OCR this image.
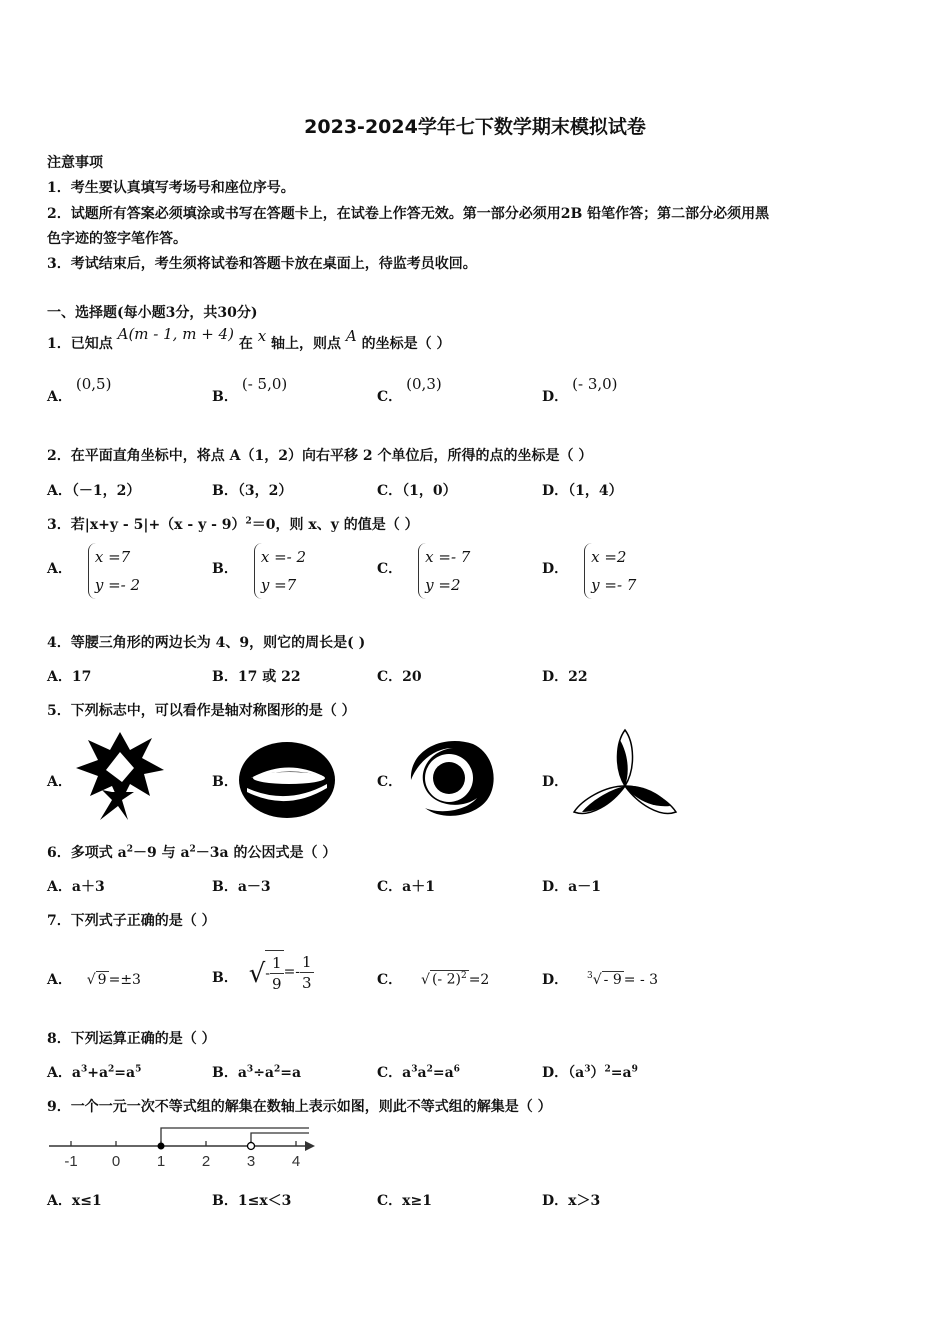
2023-2024学年七下数学期末模拟试卷
注意事项
1．考生要认真填写考场号和座位序号。
2．试题所有答案必须填涂或书写在答题卡上，在试卷上作答无效。第一部分必须用2B 铅笔作答；第二部分必须用黑
色字迹的签字笔作答。
3．考试结束后，考生须将试卷和答题卡放在桌面上，待监考员收回。
一、选择题(每小题3分，共30分)
1．已知点 A(m - 1, m + 4) 在 x 轴上，则点 A 的坐标是（ ）
A．(0,5)
B．(- 5,0)
C．(0,3)
D．(- 3,0)
2．在平面直角坐标中，将点 A（1，2）向右平移 2 个单位后，所得的点的坐标是（ ）
A．（－1，2）	B．（3，2）	C．（1，0）	D．（1，4）
3．若|x+y - 5|+（x - y - 9）$^2$＝0，则 x、y 的值是（ ）
A．
x =7
y =- 2
B．
x =- 2
y =7
C．
x =- 7
y =2
D．
x =2
y =- 7
4．等腰三角形的两边长为 4、9，则它的周长是( )
A．17	B．17 或 22	C．20	D．22
5．下列标志中，可以看作是轴对称图形的是（ ）
A．	B．	C．	D．
6．多项式 $a^2-9$ 与 $a^2-3a$ 的公因式是（ ）
A．a＋3	B．a－3	C．a＋1	D．a－1
7．下列式子正确的是（ ）
A． √ 9 =±3	B． √- $\frac{1}{9} =- \frac{1}{3}$	C． √ (- 2)$^2$ =2	D． $^3$√ - 9 = - 3
8．下列运算正确的是（ ）
A．$a^3+a^2=a^5$	B．$a^3\div a^2=a$	C．$a^3a^2=a^6$	D．$(a^3)^2=a^9$
9．一个一元一次不等式组的解集在数轴上表示如图，则此不等式组的解集是（ ）
-1 0 1 2 3 4
A．x≤1	B．1≤x＜3	C．x≥1	D．x＞3
